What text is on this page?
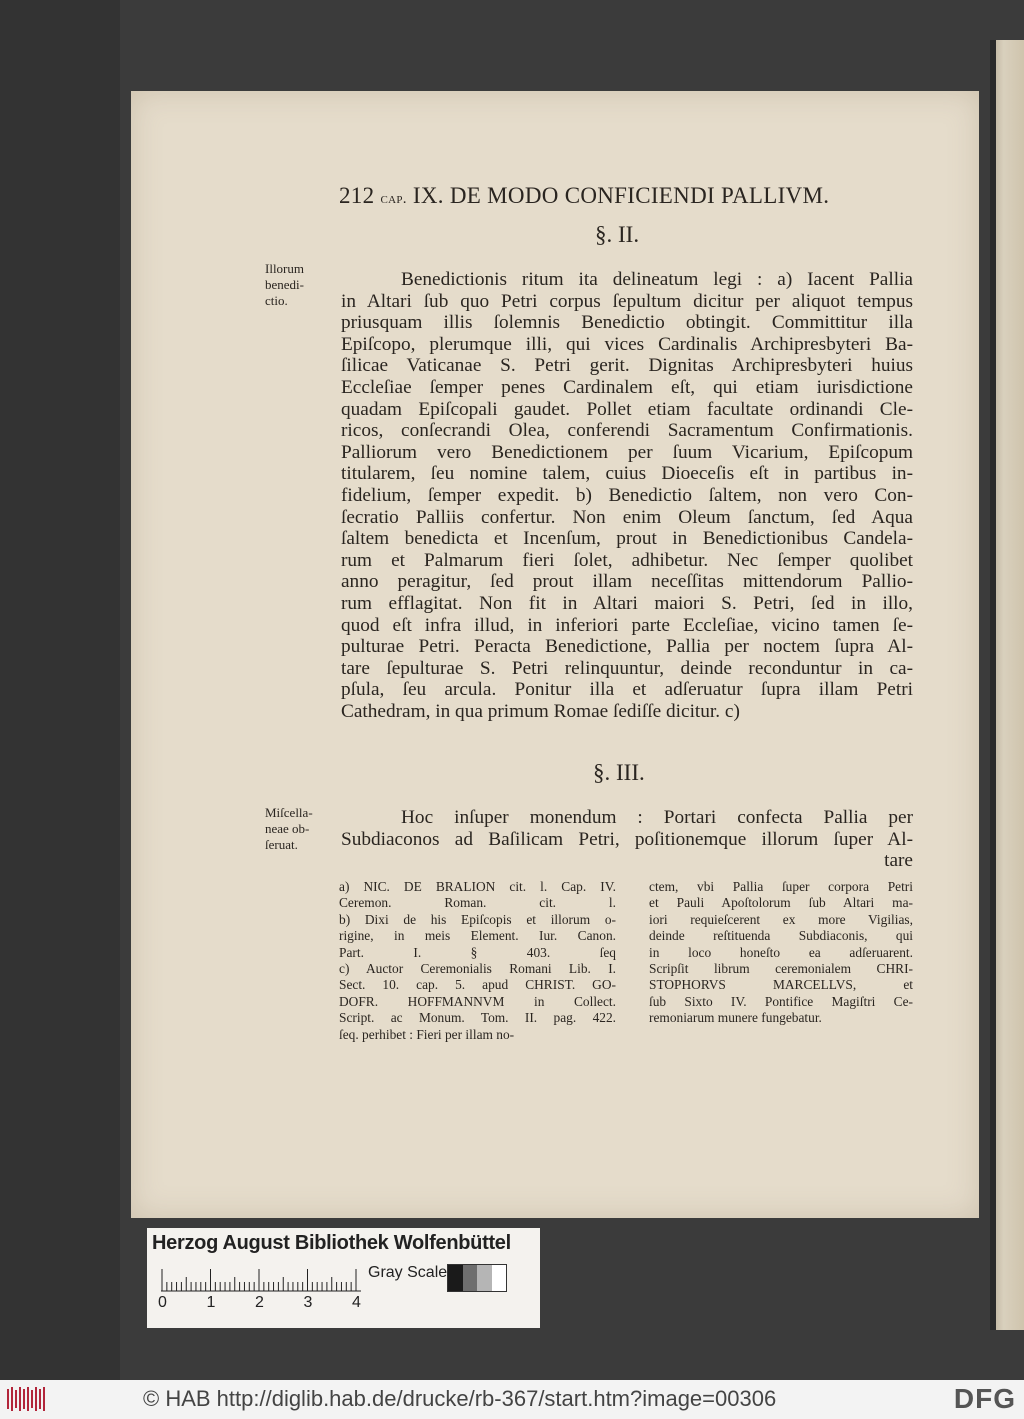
212 cap. IX. DE MODO CONFICIENDI PALLIVM.
§. II.
Illorum
benedi-
ctio.
Benedictionis ritum ita delineatum legi : a) Iacent Pallia
in Altari ſub quo Petri corpus ſepultum dicitur per aliquot tempus
priusquam illis ſolemnis Benedictio obtingit. Committitur illa
Epiſcopo, plerumque illi, qui vices Cardinalis Archipresbyteri Ba-
ſilicae Vaticanae S. Petri gerit. Dignitas Archipresbyteri huius
Eccleſiae ſemper penes Cardinalem eſt, qui etiam iurisdictione
quadam Epiſcopali gaudet. Pollet etiam facultate ordinandi Cle-
ricos, conſecrandi Olea, conferendi Sacramentum Confirmationis.
Palliorum vero Benedictionem per ſuum Vicarium, Epiſcopum
titularem, ſeu nomine talem, cuius Dioeceſis eſt in partibus in-
fidelium, ſemper expedit. b) Benedictio ſaltem, non vero Con-
ſecratio Palliis confertur. Non enim Oleum ſanctum, ſed Aqua
ſaltem benedicta et Incenſum, prout in Benedictionibus Candela-
rum et Palmarum fieri ſolet, adhibetur. Nec ſemper quolibet
anno peragitur, ſed prout illam neceſſitas mittendorum Pallio-
rum efflagitat. Non fit in Altari maiori S. Petri, ſed in illo,
quod eſt infra illud, in inferiori parte Eccleſiae, vicino tamen ſe-
pulturae Petri. Peracta Benedictione, Pallia per noctem ſupra Al-
tare ſepulturae S. Petri relinquuntur, deinde reconduntur in ca-
pſula, ſeu arcula. Ponitur illa et adſeruatur ſupra illam Petri
Cathedram, in qua primum Romae ſediſſe dicitur. c)
§. III.
Miſcella-
neae ob-
ſeruat.
Hoc inſuper monendum : Portari confecta Pallia per
Subdiaconos ad Baſilicam Petri, poſitionemque illorum ſuper Al-
tare
a) NIC. DE BRALION cit. l. Cap. IV.
Ceremon. Roman. cit. l.
b) Dixi de his Epiſcopis et illorum o-
rigine, in meis Element. Iur. Canon.
Part. I. § 403. ſeq
c) Auctor Ceremonialis Romani Lib. I.
Sect. 10. cap. 5. apud CHRIST. GO-
DOFR. HOFFMANNVM in Collect.
Script. ac Monum. Tom. II. pag. 422.
ſeq. perhibet : Fieri per illam no-
ctem, vbi Pallia ſuper corpora Petri
et Pauli Apoſtolorum ſub Altari ma-
iori requieſcerent ex more Vigilias,
deinde reſtituenda Subdiaconis, qui
in loco honeſto ea adſeruarent.
Scripſit librum ceremonialem CHRI-
STOPHORVS MARCELLVS, et
ſub Sixto IV. Pontifice Magiſtri Ce-
remoniarum munere fungebatur.
Herzog August Bibliothek Wolfenbüttel
0 1 2 3 4
Gray Scale
© HAB http://diglib.hab.de/drucke/rb-367/start.htm?image=00306	DFG
